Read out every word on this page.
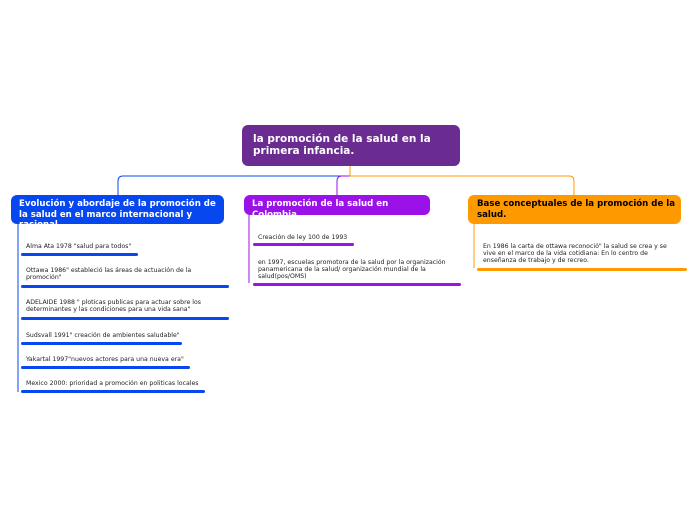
la promoción de la salud en la primera infancia.
Evolución y abordaje de la promoción de la salud en el marco internacional y racional.
La promoción de la salud en Colombia.
Base conceptuales de la promoción de la salud.
Alma Ata 1978 "salud para todos"
Ottawa 1986" estableció las áreas de actuación de la promoción"
ADELAIDE 1988 " ploticas publicas para actuar sobre los determinantes y las condiciones para una vida sana"
Sudsvall 1991" creación de ambientes saludable"
Yakartal 1997"nuevos actores para una nueva era"
Mexico 2000: prioridad a promoción en politicas locales
Creación de ley 100 de 1993
en 1997, escuelas promotora de la salud por la organización panamericana de la salud/ organización mundial de la salud(pos/OMS)
En 1986 la carta de ottawa reconoció" la salud se crea y se vive en el marco de la vida cotidiana: En lo centro de enseñanza de trabajo y de recreo.
